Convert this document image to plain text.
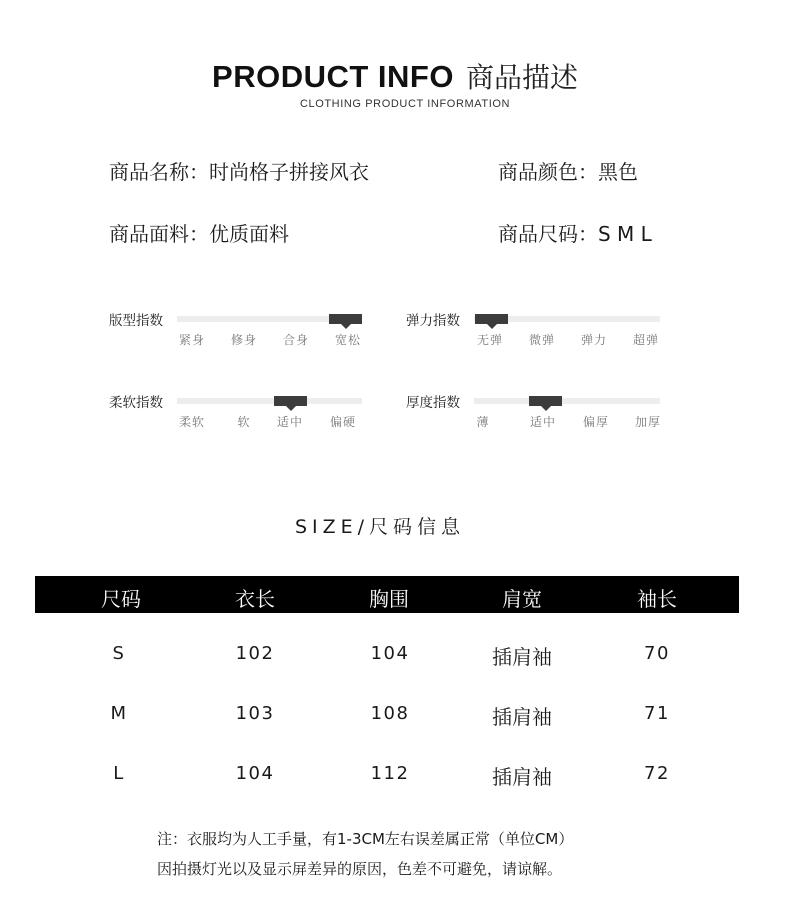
PRODUCT INFO 商品描述
CLOTHING PRODUCT INFORMATION
商品名称：时尚格子拼接风衣	商品颜色：黑色
商品面料：优质面料	商品尺码：S M L
版型指数
紧身 修身 合身 宽松
弹力指数
无弹 微弹 弹力 超弹
柔软指数
柔软	软 适中 偏硬
厚度指数
薄	适中 偏厚 加厚
SIZE/尺码信息
尺码	衣长	胸围	肩宽	袖长
S	102	104	插肩袖	70
M	103	108	插肩袖	71
L	104	112	插肩袖	72
注：衣服均为人工手量，有1-3CM左右误差属正常（单位CM）
因拍摄灯光以及显示屏差异的原因，色差不可避免，请谅解。
